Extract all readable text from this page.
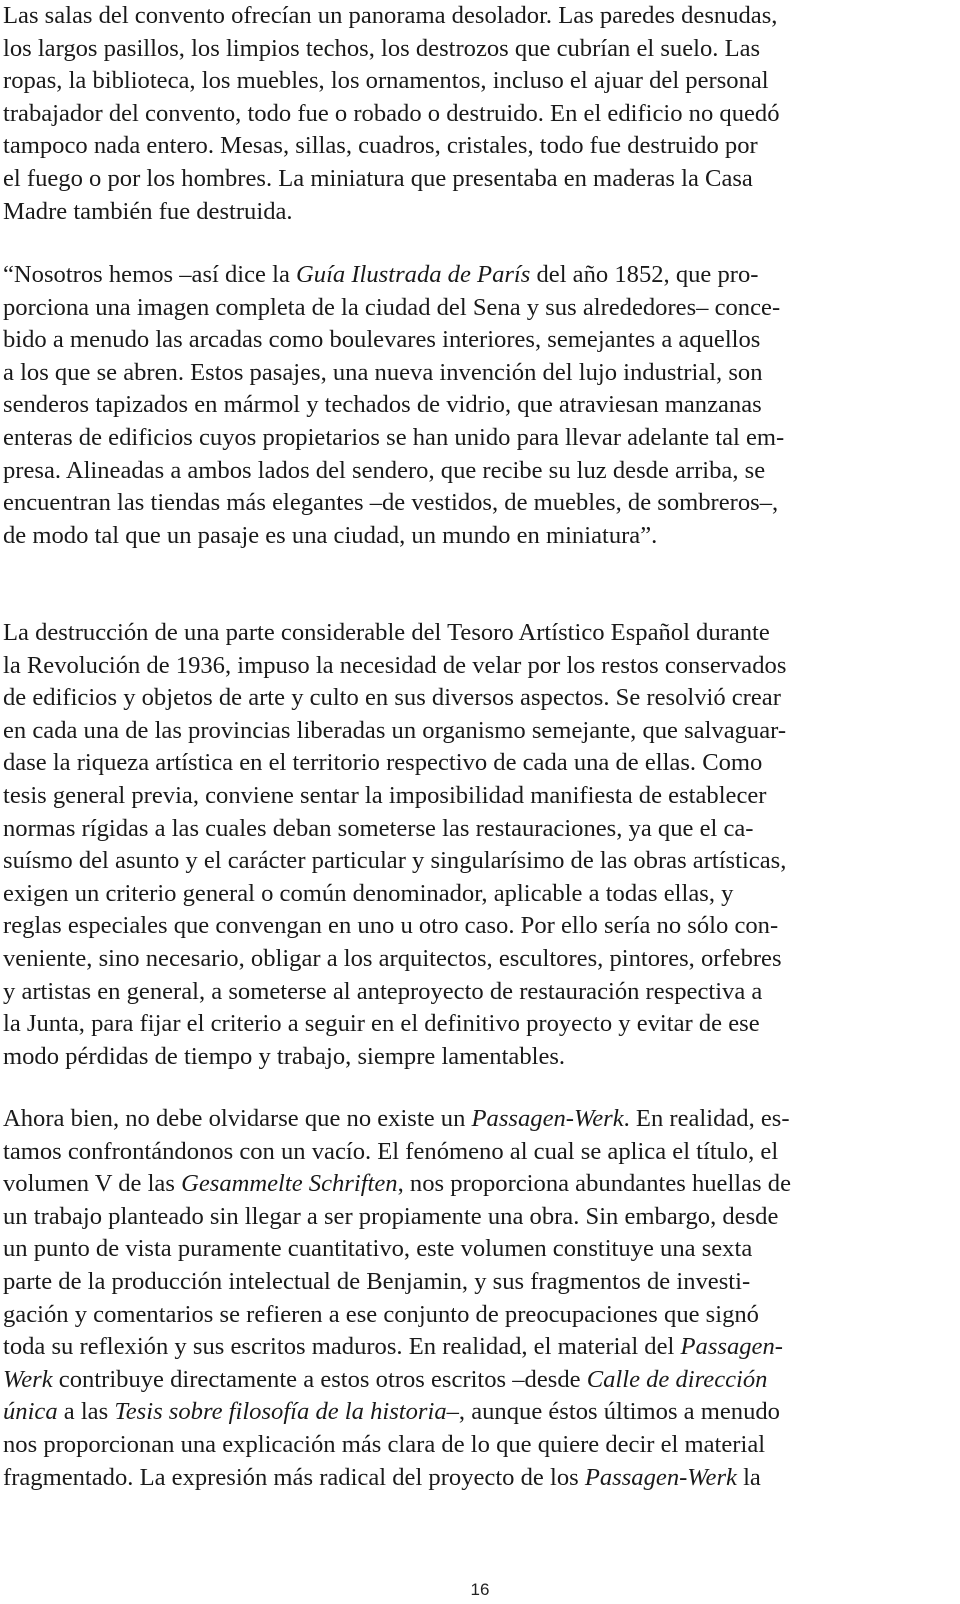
Las salas del convento ofrecían un panorama desolador. Las paredes desnudas,
los largos pasillos, los limpios techos, los destrozos que cubrían el suelo. Las
ropas, la biblioteca, los muebles, los ornamentos, incluso el ajuar del personal
trabajador del convento, todo fue o robado o destruido. En el edificio no quedó
tampoco nada entero. Mesas, sillas, cuadros, cristales, todo fue destruido por
el fuego o por los hombres. La miniatura que presentaba en maderas la Casa
Madre también fue destruida.

“Nosotros hemos –así dice la Guía Ilustrada de París del año 1852, que pro-
porciona una imagen completa de la ciudad del Sena y sus alrededores– conce-
bido a menudo las arcadas como boulevares interiores, semejantes a aquellos
a los que se abren. Estos pasajes, una nueva invención del lujo industrial, son
senderos tapizados en mármol y techados de vidrio, que atraviesan manzanas
enteras de edificios cuyos propietarios se han unido para llevar adelante tal em-
presa. Alineadas a ambos lados del sendero, que recibe su luz desde arriba, se
encuentran las tiendas más elegantes –de vestidos, de muebles, de sombreros–,
de modo tal que un pasaje es una ciudad, un mundo en miniatura”.

La destrucción de una parte considerable del Tesoro Artístico Español durante
la Revolución de 1936, impuso la necesidad de velar por los restos conservados
de edificios y objetos de arte y culto en sus diversos aspectos. Se resolvió crear
en cada una de las provincias liberadas un organismo semejante, que salvaguar-
dase la riqueza artística en el territorio respectivo de cada una de ellas. Como
tesis general previa, conviene sentar la imposibilidad manifiesta de establecer
normas rígidas a las cuales deban someterse las restauraciones, ya que el ca-
suísmo del asunto y el carácter particular y singularísimo de las obras artísticas,
exigen un criterio general o común denominador, aplicable a todas ellas, y
reglas especiales que convengan en uno u otro caso. Por ello sería no sólo con-
veniente, sino necesario, obligar a los arquitectos, escultores, pintores, orfebres
y artistas en general, a someterse al anteproyecto de restauración respectiva a
la Junta, para fijar el criterio a seguir en el definitivo proyecto y evitar de ese
modo pérdidas de tiempo y trabajo, siempre lamentables.

Ahora bien, no debe olvidarse que no existe un Passagen-Werk. En realidad, es-
tamos confrontándonos con un vacío. El fenómeno al cual se aplica el título, el
volumen V de las Gesammelte Schriften, nos proporciona abundantes huellas de
un trabajo planteado sin llegar a ser propiamente una obra. Sin embargo, desde
un punto de vista puramente cuantitativo, este volumen constituye una sexta
parte de la producción intelectual de Benjamin, y sus fragmentos de investi-
gación y comentarios se refieren a ese conjunto de preocupaciones que signó
toda su reflexión y sus escritos maduros. En realidad, el material del Passagen-
Werk contribuye directamente a estos otros escritos –desde Calle de dirección
única a las Tesis sobre filosofía de la historia–, aunque éstos últimos a menudo
nos proporcionan una explicación más clara de lo que quiere decir el material
fragmentado. La expresión más radical del proyecto de los Passagen-Werk la

16
